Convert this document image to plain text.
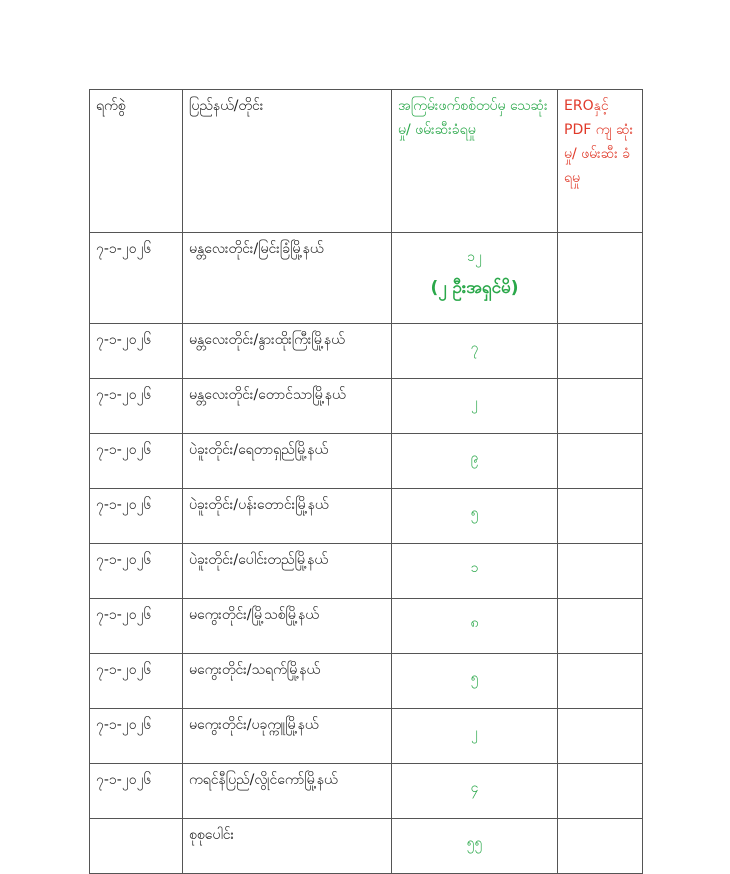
ရက်စွဲ	ပြည်နယ်/တိုင်း	အကြမ်းဖက်စစ်တပ်မှ သေဆုံးမှု/ ဖမ်းဆီးခံရမှု	EROနှင့် PDF ကျ ဆုံးမှု/ ဖမ်းဆီး ခံရမှု
၇-၁-၂၀၂၆	မန္တလေးတိုင်း/မြင်းခြံမြို့နယ်	၁၂
(၂ ဦးအရှင်မိ)	

၇-၁-၂၀၂၆	မန္တလေးတိုင်း/နွားထိုးကြီးမြို့နယ်	၇	
၇-၁-၂၀၂၆	မန္တလေးတိုင်း/တောင်သာမြို့နယ်	၂	
၇-၁-၂၀၂၆	ပဲခူးတိုင်း/ရေတာရှည်မြို့နယ်	၉	
၇-၁-၂၀၂၆	ပဲခူးတိုင်း/ပန်းတောင်းမြို့နယ်	၅	
၇-၁-၂၀၂၆	ပဲခူးတိုင်း/ပေါင်းတည်မြို့နယ်	၁	
၇-၁-၂၀၂၆	မကွေးတိုင်း/မြို့သစ်မြို့နယ်	၈	
၇-၁-၂၀၂၆	မကွေးတိုင်း/သရက်မြို့နယ်	၅	
၇-၁-၂၀၂၆	မကွေးတိုင်း/ပခုက္ကူမြို့နယ်	၂	
၇-၁-၂၀၂၆	ကရင်နီပြည်/လွိုင်ကော်မြို့နယ်	၄	
	စုစုပေါင်း	၅၅	
